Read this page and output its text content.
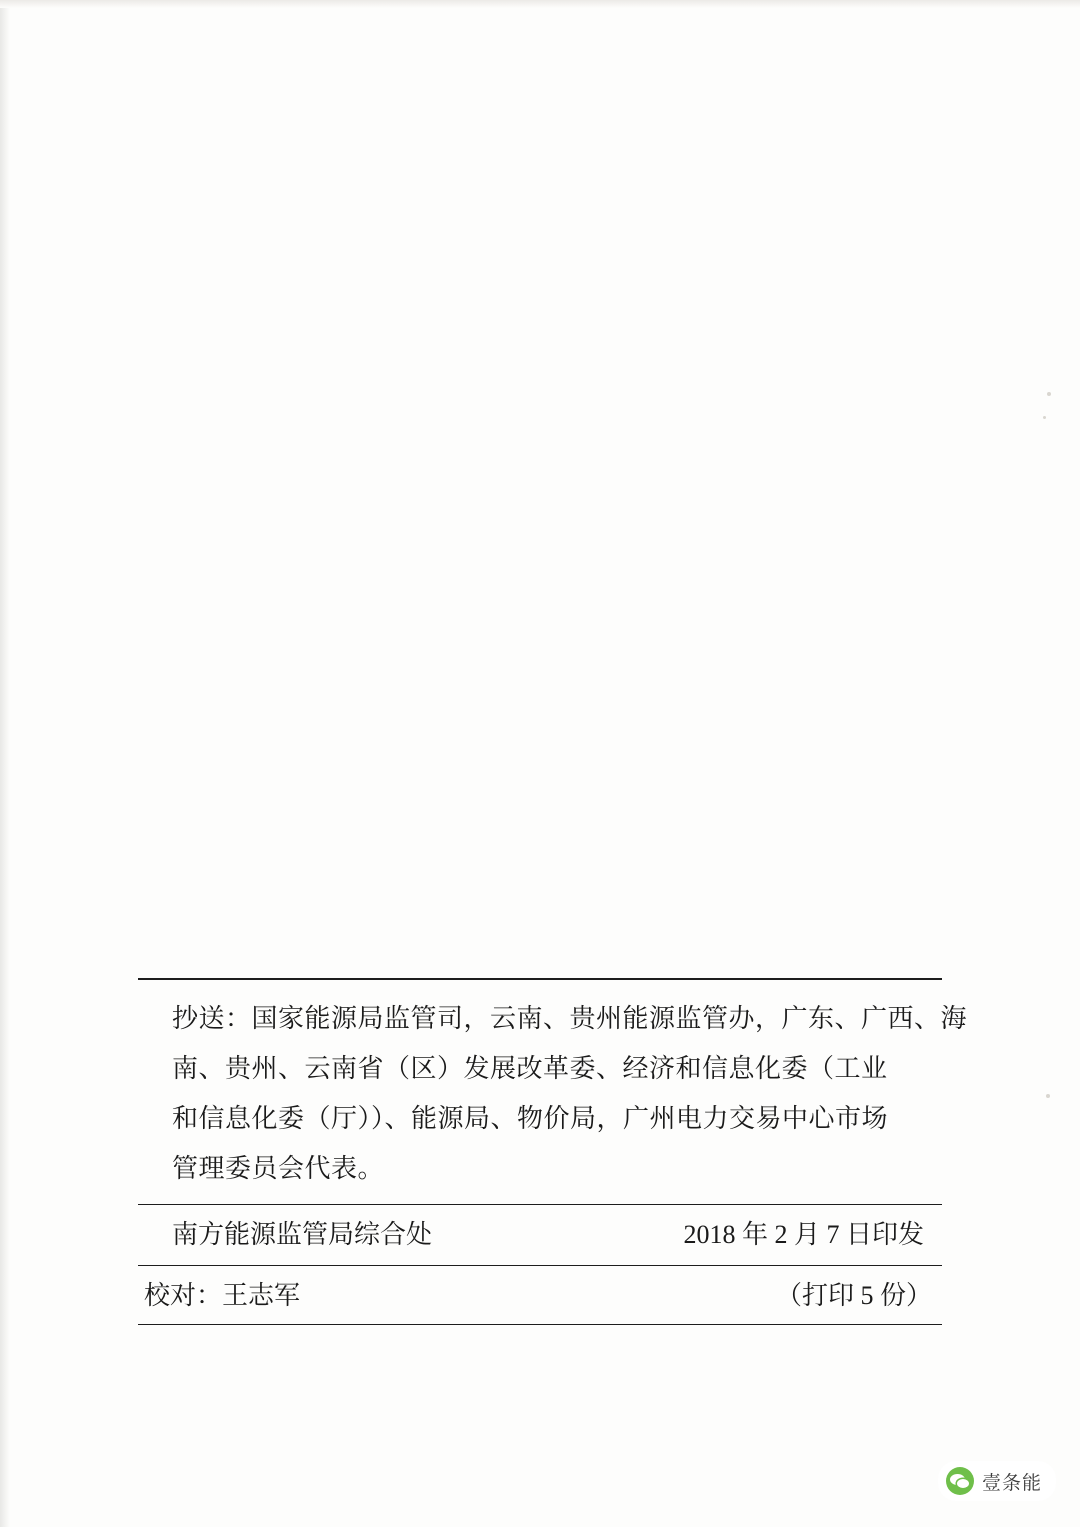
抄送：国家能源局监管司，云南、贵州能源监管办，广东、广西、海
南、贵州、云南省（区）发展改革委、经济和信息化委（工业
和信息化委（厅））、能源局、物价局，广州电力交易中心市场
管理委员会代表。
南方能源监管局综合处	2018 年 2 月 7 日印发
校对：王志军	（打印 5 份）
壹条能
